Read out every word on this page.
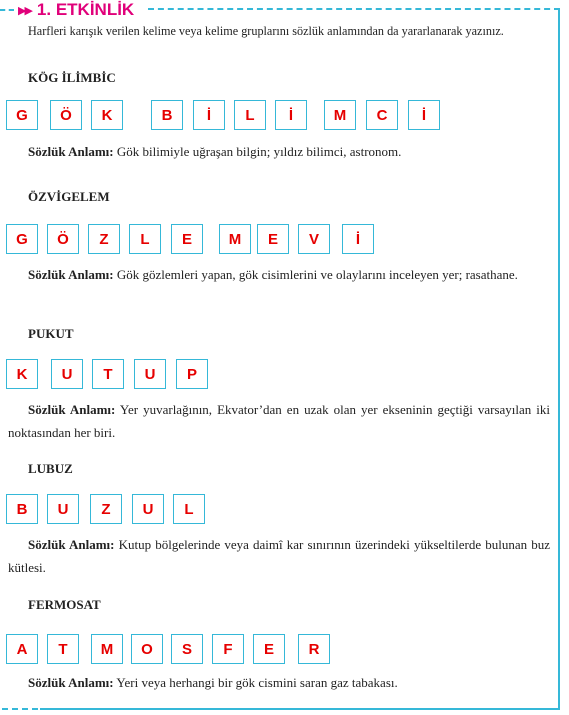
▶▶ 1. ETKİNLİK
Harfleri karışık verilen kelime veya kelime gruplarını sözlük anlamından da yararlanarak yazınız.
KÖG İLİMBİC
G	Ö	K	B	İ	L	İ	M	C	İ
Sözlük Anlamı: Gök bilimiyle uğraşan bilgin; yıldız bilimci, astronom.
ÖZVİGELEM
G	Ö	Z	L	E	M	E	V	İ
Sözlük Anlamı: Gök gözlemleri yapan, gök cisimlerini ve olaylarını inceleyen yer; rasathane.
PUKUT
K	U	T	U	P
Sözlük Anlamı: Yer yuvarlağının, Ekvator’dan en uzak olan yer ekseninin geçtiği varsayılan iki noktasından her biri.
LUBUZ
B	U	Z	U	L
Sözlük Anlamı: Kutup bölgelerinde veya daimî kar sınırının üzerindeki yükseltilerde bulunan buz kütlesi.
FERMOSAT
A	T	M	O	S	F	E	R
Sözlük Anlamı: Yeri veya herhangi bir gök cismini saran gaz tabakası.
